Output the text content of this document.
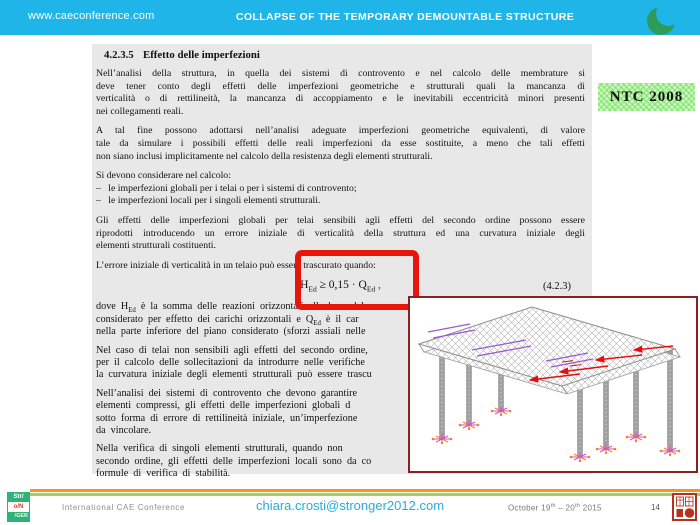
www.caeconference.com	COLLAPSE OF THE TEMPORARY DEMOUNTABLE STRUCTURE
NTC 2008
4.2.3.5 Effetto delle imperfezioni
Nell’analisi della struttura, in quella dei sistemi di controvento e nel calcolo delle membrature si
deve tener conto degli effetti delle imperfezioni geometriche e strutturali quali la mancanza di
verticalità o di rettilineità, la mancanza di accoppiamento e le inevitabili eccentricità minori presenti
nei collegamenti reali.
A tal fine possono adottarsi nell’analisi adeguate imperfezioni geometriche equivalenti, di valore
tale da simulare i possibili effetti delle reali imperfezioni da esse sostituite, a meno che tali effetti
non siano inclusi implicitamente nel calcolo della resistenza degli elementi strutturali.
Si devono considerare nel calcolo:
–   le imperfezioni globali per i telai o per i sistemi di controvento;
–   le imperfezioni locali per i singoli elementi strutturali.
Gli effetti delle imperfezioni globali per telai sensibili agli effetti del secondo ordine possono essere
riprodotti introducendo un errore iniziale di verticalità della struttura ed una curvatura iniziale degli
elementi strutturali costituenti.
L’errore iniziale di verticalità in un telaio può essere trascurato quando:
$H_{Ed} \ge 0,15 \cdot Q_{Ed}$ ,	(4.2.3)
dove $H_{Ed}$ è la somma delle reazioni orizzontali alla base del
considerato per effetto dei carichi orizzontali e $Q_{Ed}$ è il car
nella parte inferiore del piano considerato (sforzi assiali nelle
Nel caso di telai non sensibili agli effetti del secondo ordine,
per il calcolo delle sollecitazioni da introdurre nelle verifiche
la curvatura iniziale degli elementi strutturali può essere trascu
Nell’analisi dei sistemi di controvento che devono garantire
elementi compressi, gli effetti delle imperfezioni globali d
sotto forma di errore di rettilineità iniziale, un’imperfezione
da vincolare.
Nella verifica di singoli elementi strutturali, quando non
secondo ordine, gli effetti delle imperfezioni locali sono da co
formule di verifica di stabilità.
Str/
o/N
/GER
International CAE Conference	chiara.crosti@stronger2012.com	October 19th – 20th 2015	14
